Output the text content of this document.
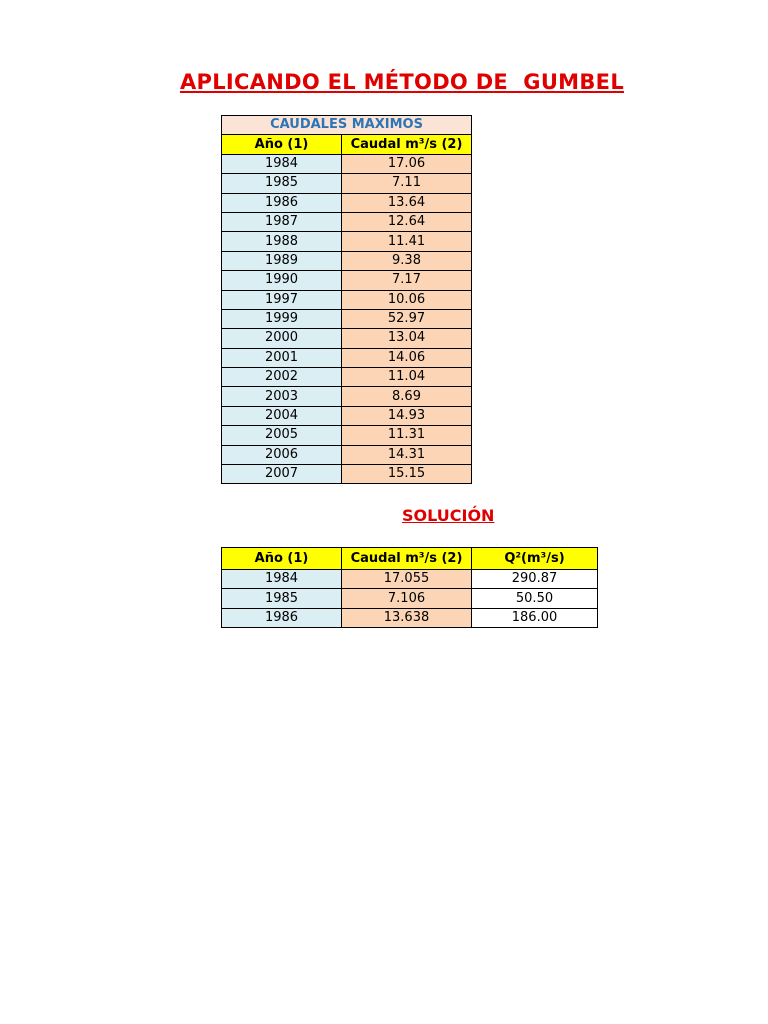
APLICANDO EL MÉTODO DE  GUMBEL
CAUDALES MAXIMOS	
Año (1)	Caudal m³/s (2)
1984	17.06
1985	7.11
1986	13.64
1987	12.64
1988	11.41
1989	9.38
1990	7.17
1997	10.06
1999	52.97
2000	13.04
2001	14.06
2002	11.04
2003	8.69
2004	14.93
2005	11.31
2006	14.31
2007	15.15
SOLUCIÓN
Año (1)	Caudal m³/s (2)	Q²(m³/s)
1984	17.055	290.87
1985	7.106	50.50
1986	13.638	186.00
